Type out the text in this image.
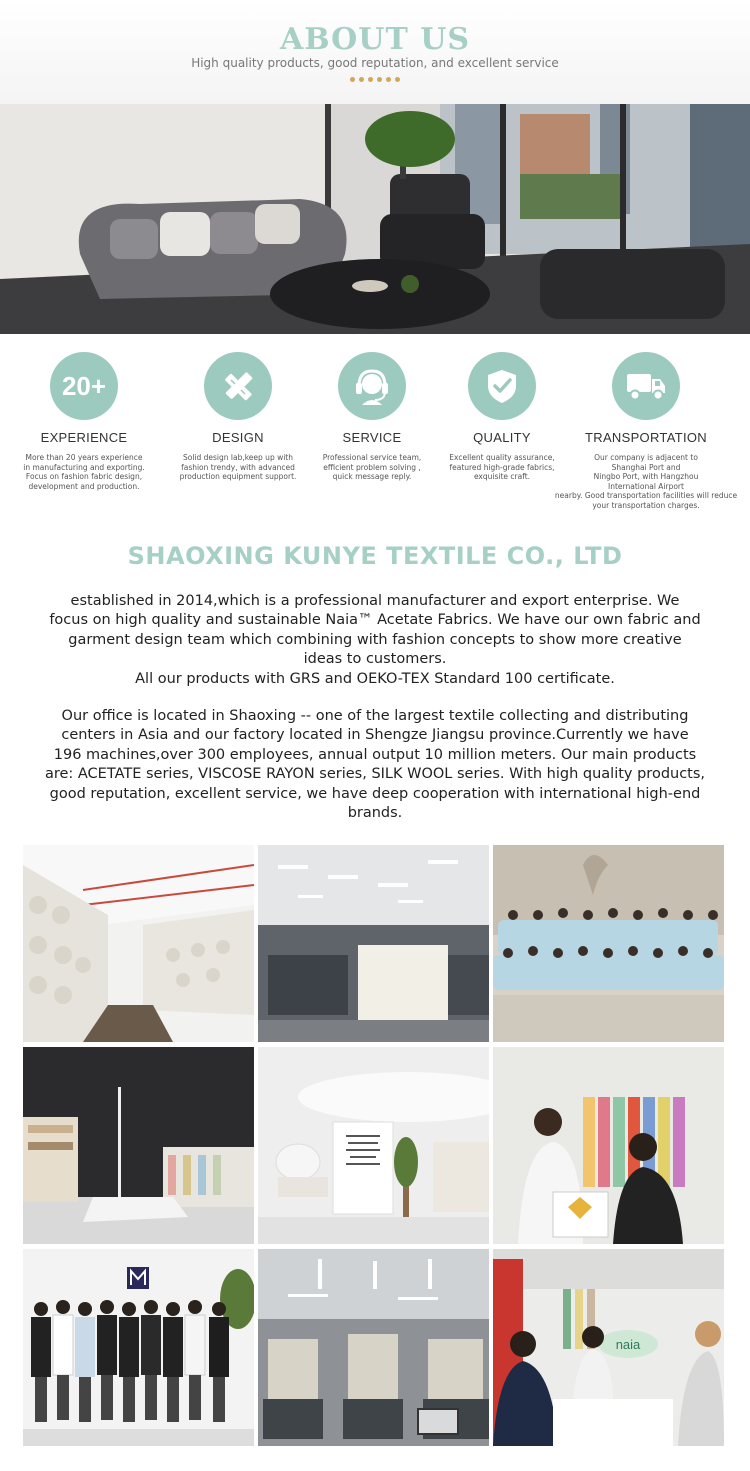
ABOUT US
High quality products, good reputation, and excellent service
20+
EXPERIENCE
More than 20 years experience
in manufacturing and exporting.
Focus on fashion fabric design,
development and production.
DESIGN
Solid design lab,keep up with
fashion trendy, with advanced
production equipment support.
SERVICE
Professional service team,
efficient problem solving ,
quick message reply.
QUALITY
Excellent quality assurance,
featured high-grade fabrics,
exquisite craft.
TRANSPORTATION
Our company is adjacent to
Shanghai Port and
Ningbo Port, with Hangzhou
International Airport
nearby. Good transportation facilities will reduce
your transportation charges.
SHAOXING KUNYE TEXTILE CO., LTD
established in 2014,which is a professional manufacturer and export enterprise. We
focus on high quality and sustainable Naia™ Acetate Fabrics. We have our own fabric and
garment design team which combining with fashion concepts to show more creative
ideas to customers.
All our products with GRS and OEKO-TEX Standard 100 certificate.
Our office is located in Shaoxing -- one of the largest textile collecting and distributing
centers in Asia and our factory located in Shengze Jiangsu province.Currently we have
196 machines,over 300 employees, annual output 10 million meters. Our main products
are: ACETATE series, VISCOSE RAYON series, SILK WOOL series. With high quality products,
good reputation, excellent service, we have deep cooperation with international high-end
brands.
naia
